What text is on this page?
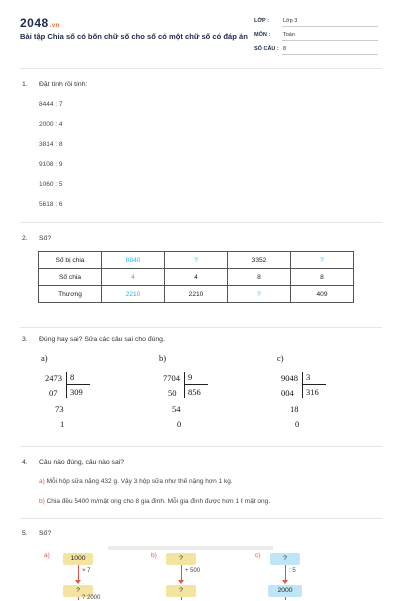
2048.vn
Bài tập Chia số có bốn chữ số cho số có một chữ số có đáp án
LỚP :	Lớp 3
MÔN : Toán
SỐ CÂU : 8
1. Đặt tính rồi tính:
8444 : 7
2000 : 4
3814 : 8
9108 : 9
1060 : 5
5618 : 6
2. Số?
Số bị chia	8840	?	3352	?
Số chia	4	4	8	8
Thương	2210	2210	?	409
3. Đúng hay sai? Sửa các câu sai cho đúng.
a)
2473 8
309
07
73
1
b)
7704 9
856
50
54
0
c)
9048 3
316
004
18
0
4. Câu nào đúng, câu nào sai?
a) Mỗi hộp sữa nặng 432 g. Vậy 3 hộp sữa như thế nặng hơn 1 kg.
b) Chia đều 5400 m/mật ong cho 8 gia đình. Mỗi gia đình được hơn 1 ℓ mật ong.
5. Số?
a)	1000
× 7
?
? 2000
b)	?
+ 500
?
c)	?
: 5
2000
